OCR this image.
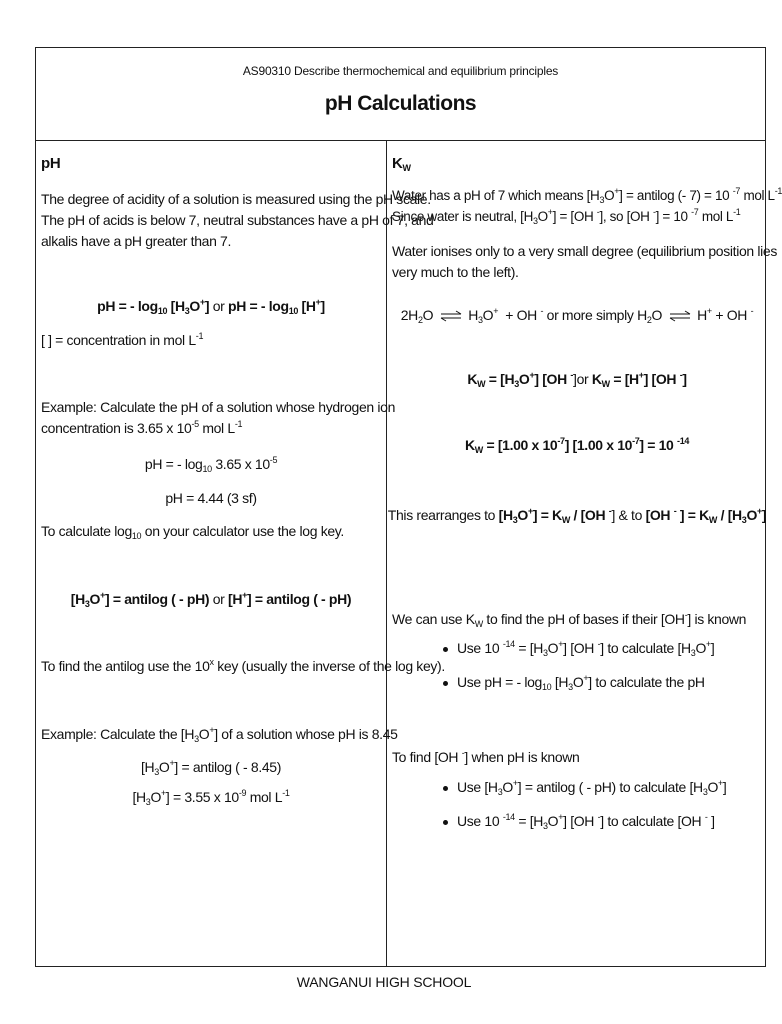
AS90310 Describe thermochemical and equilibrium principles
pH Calculations
pH
The degree of acidity of a solution is measured using the pH scale.
The pH of acids is below 7, neutral substances have a pH of 7, and
alkalis have a pH greater than 7.
pH = - $\log_{10} [H_3O^+]$ or pH = - $\log_{10} [H^+]$
[ ] = concentration in mol $L^{-1}$
Example: Calculate the pH of a solution whose hydrogen ion
concentration is 3.65 x $10^{-5}$ mol $L^{-1}$
pH = - $\log_{10} 3.65$ x $10^{-5}$
pH = 4.44 (3 sf)
To calculate $\log_{10}$ on your calculator use the log key.
$[H_3O^+]$ = antilog ( - pH) or [H+] = antilog ( - pH)
To find the antilog use the 10$^x$ key (usually the inverse of the log key).
Example: Calculate the $[H_3O^+]$ of a solution whose pH is 8.45
$[H_3O^+]$ = antilog ( - 8.45)
$[H_3O^+] = 3.55$ x $10^{-9}$ mol $L^{-1}$
$K_W$
Water has a pH of 7 which means $[H_3O^+]$ = antilog (- 7) = 10 $^{-7}$ mol $L^{-1}$
Since water is neutral, $[H_3O^+] = [OH$ -], so [OH -] = 10 $^{-7}$ mol $L^{-1}$
Water ionises only to a very small degree (equilibrium position lies
very much to the left).
$2H_2O$ ⇌ $H_3O^+$ + OH - or more simply $H_2O$ ⇌ H+ + OH -
$K_W = [H_3O^+]$ [OH -]or $K_W = [H^+]$ [OH -]
$K_W = [1.00$ x $10^{-7}$] [1.00 x $10^{-7}] = 10$ $^{-14}$
This rearranges to $[H_3O^+] = K_W / [OH$ -] & to [OH - ] = $K_W / [H_3O^+]$
We can use $K_W$ to find the pH of bases if their [OH-] is known
Use 10 $^{-14} = [H_3O^+]$ [OH -] to calculate $[H_3O^+]$
Use pH = - $\log_{10} [H_3O^+]$ to calculate the pH
To find [OH -] when pH is known
Use $[H_3O^+]$ = antilog ( - pH) to calculate $[H_3O^+]$
Use 10 $^{-14} = [H_3O^+]$ [OH -] to calculate [OH - ]
WANGANUI HIGH SCHOOL
